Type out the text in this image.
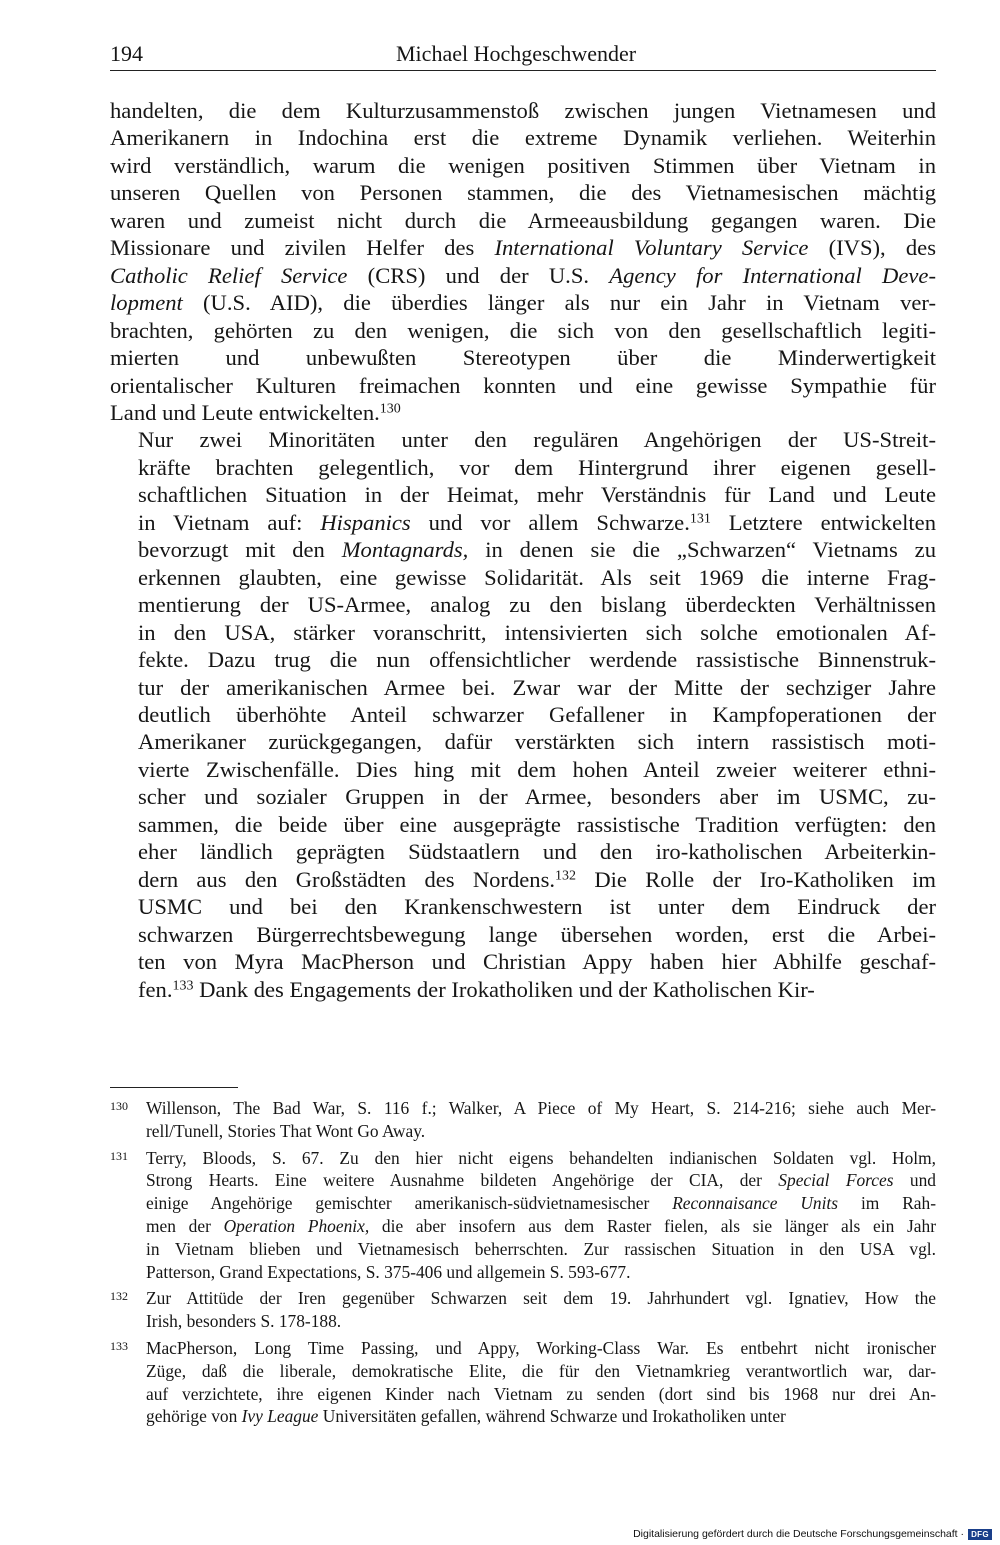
194	Michael Hochgeschwender

handelten, die dem Kulturzusammenstoß zwischen jungen Vietnamesen und
Amerikanern in Indochina erst die extreme Dynamik verliehen. Weiterhin
wird verständlich, warum die wenigen positiven Stimmen über Vietnam in
unseren Quellen von Personen stammen, die des Vietnamesischen mächtig
waren und zumeist nicht durch die Armeeausbildung gegangen waren. Die
Missionare und zivilen Helfer des International Voluntary Service (IVS), des
Catholic Relief Service (CRS) und der U.S. Agency for International Deve-
lopment (U.S. AID), die überdies länger als nur ein Jahr in Vietnam ver-
brachten, gehörten zu den wenigen, die sich von den gesellschaftlich legiti-
mierten und unbewußten Stereotypen über die Minderwertigkeit
orientalischer Kulturen freimachen konnten und eine gewisse Sympathie für
Land und Leute entwickelten.$^{130}$

Nur zwei Minoritäten unter den regulären Angehörigen der US-Streit-
kräfte brachten gelegentlich, vor dem Hintergrund ihrer eigenen gesell-
schaftlichen Situation in der Heimat, mehr Verständnis für Land und Leute
in Vietnam auf: Hispanics und vor allem Schwarze.$^{131}$ Letztere entwickelten
bevorzugt mit den Montagnards, in denen sie die „Schwarzen“ Vietnams zu
erkennen glaubten, eine gewisse Solidarität. Als seit 1969 die interne Frag-
mentierung der US-Armee, analog zu den bislang überdeckten Verhältnissen
in den USA, stärker voranschritt, intensivierten sich solche emotionalen Af-
fekte. Dazu trug die nun offensichtlicher werdende rassistische Binnenstruk-
tur der amerikanischen Armee bei. Zwar war der Mitte der sechziger Jahre
deutlich überhöhte Anteil schwarzer Gefallener in Kampfoperationen der
Amerikaner zurückgegangen, dafür verstärkten sich intern rassistisch moti-
vierte Zwischenfälle. Dies hing mit dem hohen Anteil zweier weiterer ethni-
scher und sozialer Gruppen in der Armee, besonders aber im USMC, zu-
sammen, die beide über eine ausgeprägte rassistische Tradition verfügten: den
eher ländlich geprägten Südstaatlern und den iro-katholischen Arbeiterkin-
dern aus den Großstädten des Nordens.$^{132}$ Die Rolle der Iro-Katholiken im
USMC und bei den Krankenschwestern ist unter dem Eindruck der
schwarzen Bürgerrechtsbewegung lange übersehen worden, erst die Arbei-
ten von Myra MacPherson und Christian Appy haben hier Abhilfe geschaf-
fen.$^{133}$ Dank des Engagements der Irokatholiken und der Katholischen Kir-

130 Willenson, The Bad War, S. 116 f.; Walker, A Piece of My Heart, S. 214-216; siehe auch Mer-
rell/Tunell, Stories That Wont Go Away.
131 Terry, Bloods, S. 67. Zu den hier nicht eigens behandelten indianischen Soldaten vgl. Holm,
Strong Hearts. Eine weitere Ausnahme bildeten Angehörige der CIA, der Special Forces und
einige Angehörige gemischter amerikanisch-südvietnamesischer Reconnaisance Units im Rah-
men der Operation Phoenix, die aber insofern aus dem Raster fielen, als sie länger als ein Jahr
in Vietnam blieben und Vietnamesisch beherrschten. Zur rassischen Situation in den USA vgl.
Patterson, Grand Expectations, S. 375-406 und allgemein S. 593-677.
132 Zur Attitüde der Iren gegenüber Schwarzen seit dem 19. Jahrhundert vgl. Ignatiev, How the
Irish, besonders S. 178-188.
133 MacPherson, Long Time Passing, und Appy, Working-Class War. Es entbehrt nicht ironischer
Züge, daß die liberale, demokratische Elite, die für den Vietnamkrieg verantwortlich war, dar-
auf verzichtete, ihre eigenen Kinder nach Vietnam zu senden (dort sind bis 1968 nur drei An-
gehörige von Ivy League Universitäten gefallen, während Schwarze und Irokatholiken unter
Digitalisierung gefördert durch die Deutsche Forschungsgemeinschaft · DFG
